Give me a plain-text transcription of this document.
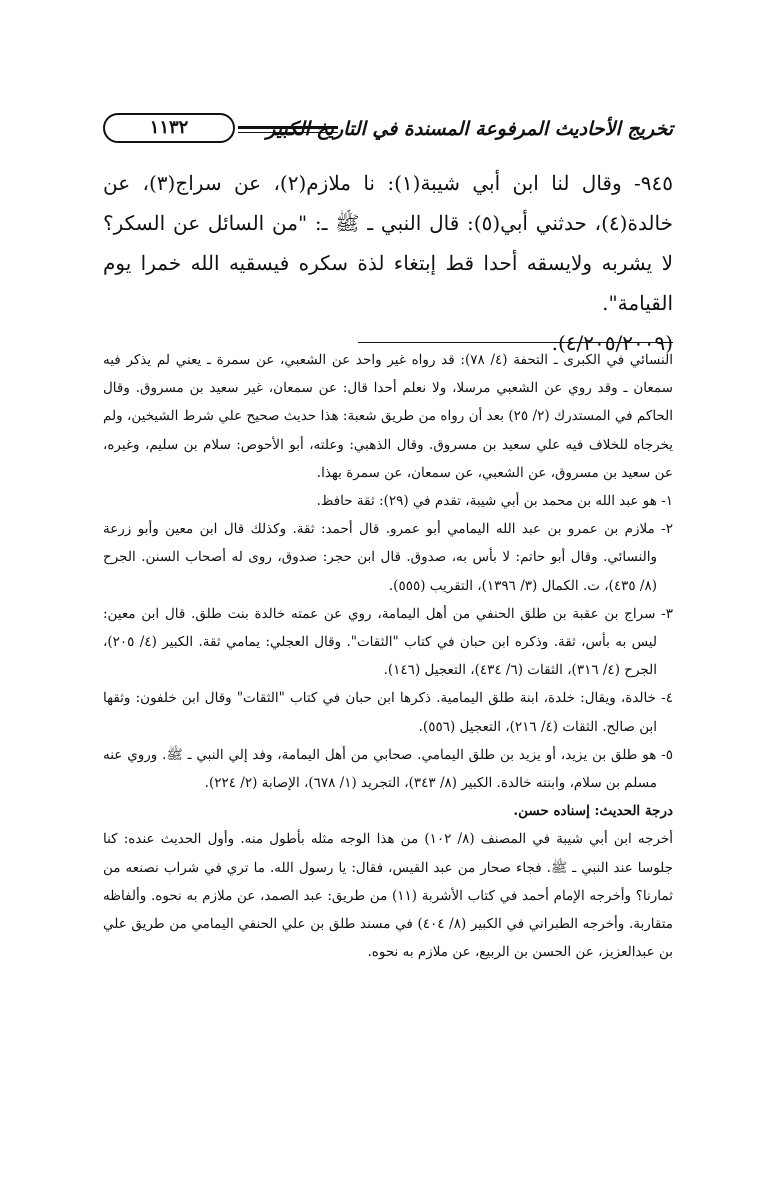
تخريج الأحاديث المرفوعة المسندة في التاريخ الكبير
١١٣٢

٩٤٥- وقال لنا ابن أبي شيبة(١): نا ملازم(٢)، عن سراج(٣)، عن خالدة(٤)، حدثني أبي(٥): قال النبي ـ ﷺ ـ: "من السائل عن السكر؟ لا يشربه ولايسقه أحدا قط إبتغاء لذة سكره فيسقيه الله خمرا يوم القيامة".

(٤/٢٠٥/٢٠٠٩).

النسائي في الكبرى ـ التحفة (٤/ ٧٨): قد رواه غير واحد عن الشعبي، عن سمرة ـ يعني لم يذكر فيه سمعان ـ وقد روي عن الشعبي مرسلا، ولا نعلم أحدا قال: عن سمعان، غير سعيد بن مسروق. وقال الحاكم في المستدرك (٢/ ٢٥) بعد أن رواه من طريق شعبة: هذا حديث صحيح علي شرط الشيخين، ولم يخرجاه للخلاف فيه علي سعيد بن مسروق. وقال الذهبي: وعلته، أبو الأحوص: سلام بن سليم، وغيره، عن سعيد بن مسروق، عن الشعبي، عن سمعان، عن سمرة بهذا.

١- هو عبد الله بن محمد بن أبي شيبة، تقدم في (٢٩): ثقة حافظ.

٢- ملازم بن عمرو بن عبد الله اليمامي أبو عمرو. قال أحمد: ثقة. وكذلك قال ابن معين وأبو زرعة والنسائي. وقال أبو حاتم: لا بأس به، صدوق. قال ابن حجر: صدوق، روى له أصحاب السنن. الجرح (٨/ ٤٣٥)، ت. الكمال (٣/ ١٣٩٦)، التقريب (٥٥٥).

٣- سراج بن عقبة بن طلق الحنفي من أهل اليمامة، روي عن عمته خالدة بنت طلق. قال ابن معين: ليس به بأس، ثقة. وذكره ابن حبان في كتاب "الثقات". وقال العجلي: يمامي ثقة. الكبير (٤/ ٢٠٥)، الجرح (٤/ ٣١٦)، الثقات (٦/ ٤٣٤)، التعجيل (١٤٦).

٤- خالدة، ويقال: خلدة، ابنة طلق اليمامية. ذكرها ابن حبان في كتاب "الثقات" وقال ابن خلفون: وثقها ابن صالح. الثقات (٤/ ٢١٦)، التعجيل (٥٥٦).

٥- هو طلق بن يزيد، أو يزيد بن طلق اليمامي. صحابي من أهل اليمامة، وفد إلي النبي ـ ﷺ. وروي عنه مسلم بن سلام، وابنته خالدة. الكبير (٨/ ٣٤٣)، التجريد (١/ ٦٧٨)، الإصابة (٢/ ٢٢٤).

درجة الحديث: إسناده حسن.

أخرجه ابن أبي شيبة في المصنف (٨/ ١٠٢) من هذا الوجه مثله بأطول منه. وأول الحديث عنده: كنا جلوسا عند النبي ـ ﷺ. فجاء صحار من عبد القيس، فقال: يا رسول الله. ما تري في شراب نصنعه من ثمارنا؟ وأخرجه الإمام أحمد في كتاب الأشربة (١١) من طريق: عبد الصمد، عن ملازم به نحوه. وألفاظه متقاربة. وأخرجه الطبراني في الكبير (٨/ ٤٠٤) في مسند طلق بن علي الحنفي اليمامي من طريق علي بن عبدالعزيز، عن الحسن بن الربيع، عن ملازم به نحوه.
